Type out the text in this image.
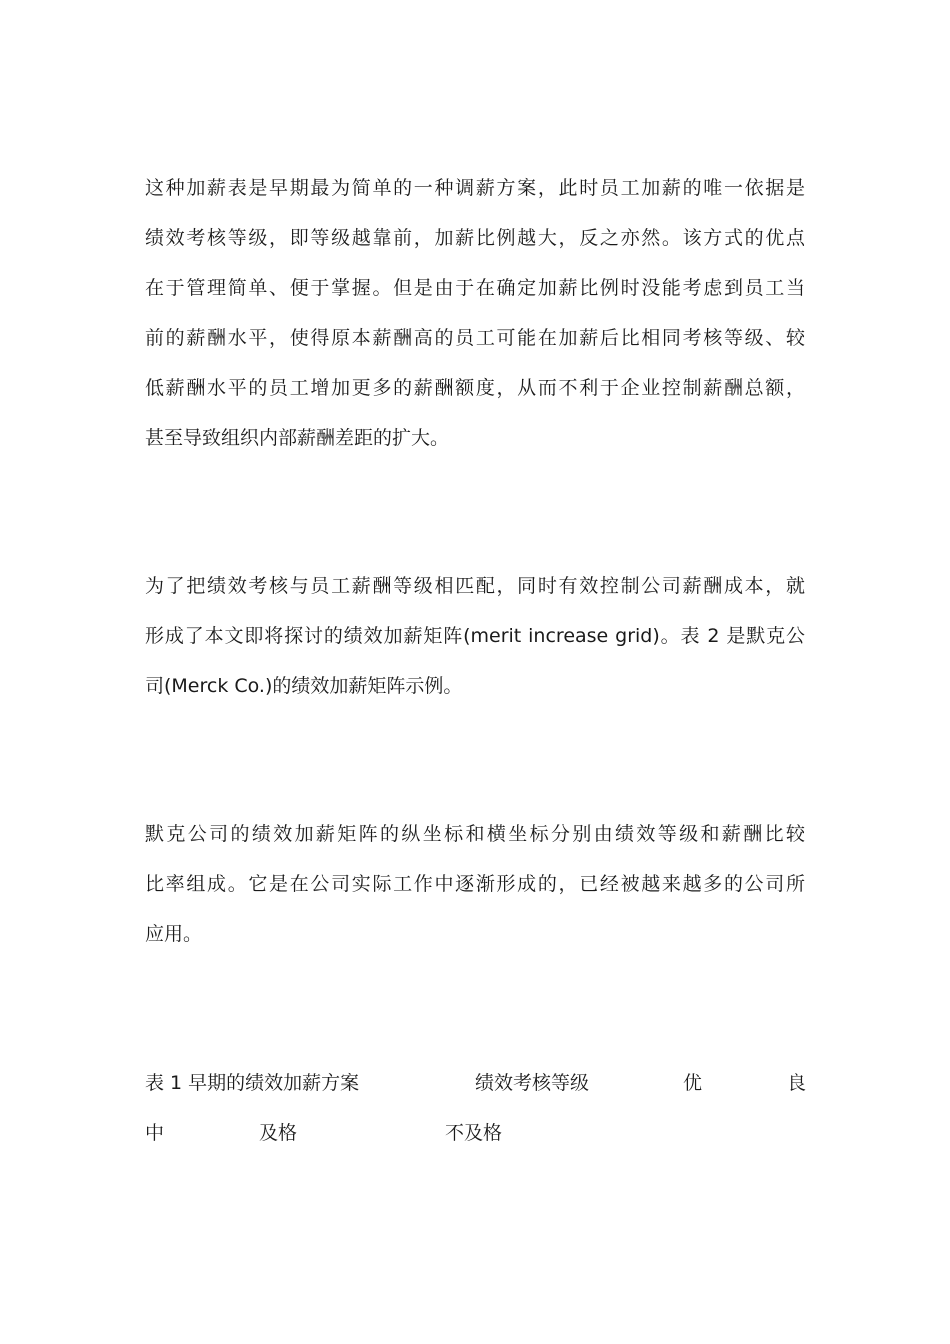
这种加薪表是早期最为简单的一种调薪方案，此时员工加薪的唯一依据是
绩效考核等级，即等级越靠前，加薪比例越大，反之亦然。该方式的优点
在于管理简单、便于掌握。但是由于在确定加薪比例时没能考虑到员工当
前的薪酬水平，使得原本薪酬高的员工可能在加薪后比相同考核等级、较
低薪酬水平的员工增加更多的薪酬额度，从而不利于企业控制薪酬总额，
甚至导致组织内部薪酬差距的扩大。
为了把绩效考核与员工薪酬等级相匹配，同时有效控制公司薪酬成本，就
形成了本文即将探讨的绩效加薪矩阵(merit increase grid)。表 2 是默克公
司(Merck Co.)的绩效加薪矩阵示例。
默克公司的绩效加薪矩阵的纵坐标和横坐标分别由绩效等级和薪酬比较
比率组成。它是在公司实际工作中逐渐形成的，已经被越来越多的公司所
应用。
表 1 早期的绩效加薪方案	绩效考核等级	优	良
中	及格	不及格
